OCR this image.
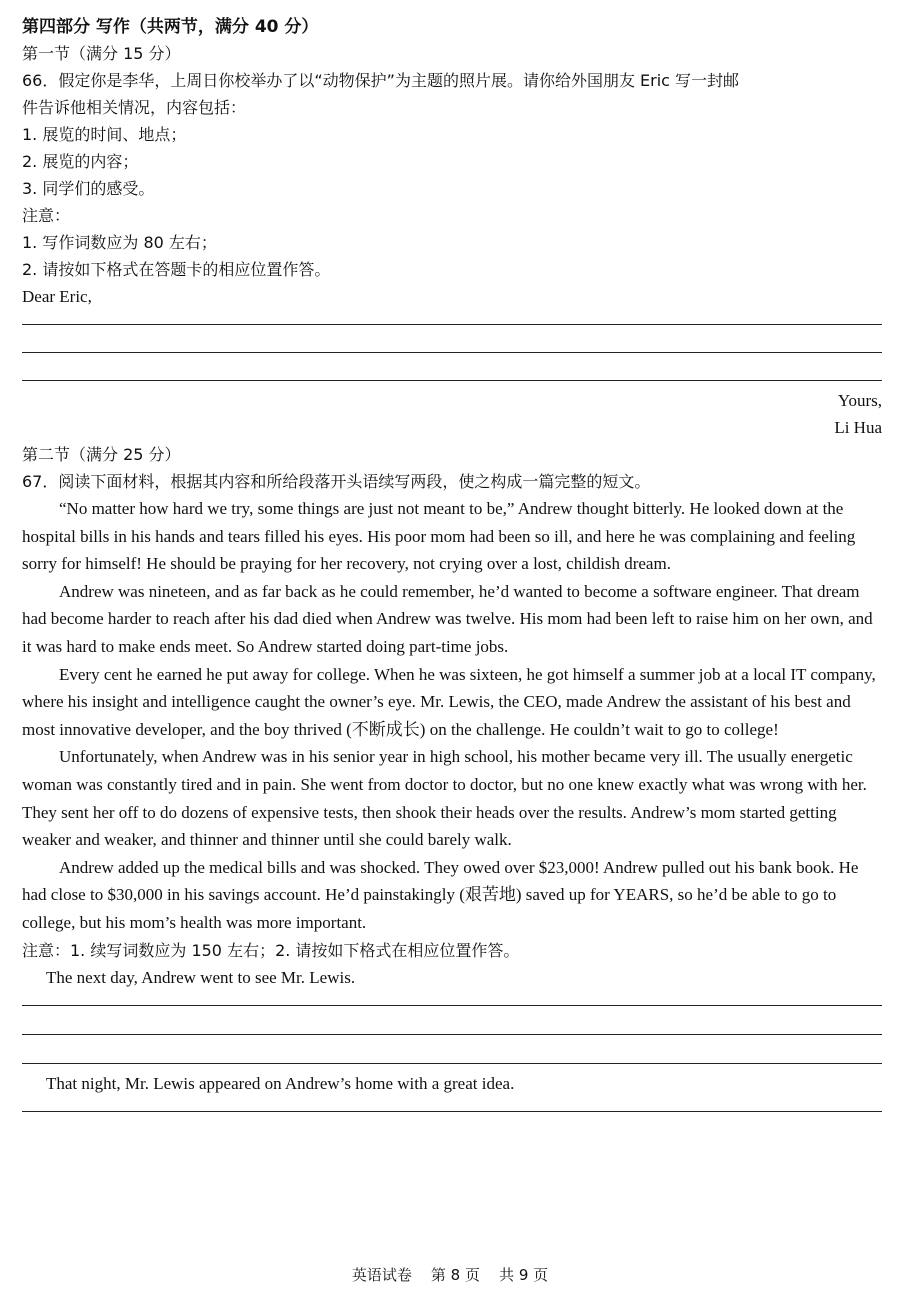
第四部分 写作（共两节，满分 40 分）
第一节（满分 15 分）
66．假定你是李华，上周日你校举办了以“动物保护”为主题的照片展。请你给外国朋友 Eric 写一封邮
件告诉他相关情况，内容包括：
1. 展览的时间、地点；
2. 展览的内容；
3. 同学们的感受。
注意：
1. 写作词数应为 80 左右；
2. 请按如下格式在答题卡的相应位置作答。
Dear Eric,
Yours,
Li Hua
第二节（满分 25 分）
67．阅读下面材料，根据其内容和所给段落开头语续写两段，使之构成一篇完整的短文。

“No matter how hard we try, some things are just not meant to be,” Andrew thought bitterly. He looked down at the hospital bills in his hands and tears filled his eyes. His poor mom had been so ill, and here he was complaining and feeling sorry for himself! He should be praying for her recovery, not crying over a lost, childish dream.

Andrew was nineteen, and as far back as he could remember, he’d wanted to become a software engineer. That dream had become harder to reach after his dad died when Andrew was twelve. His mom had been left to raise him on her own, and it was hard to make ends meet. So Andrew started doing part-time jobs.

Every cent he earned he put away for college. When he was sixteen, he got himself a summer job at a local IT company, where his insight and intelligence caught the owner’s eye. Mr. Lewis, the CEO, made Andrew the assistant of his best and most innovative developer, and the boy thrived (不断成长) on the challenge. He couldn’t wait to go to college!

Unfortunately, when Andrew was in his senior year in high school, his mother became very ill. The usually energetic woman was constantly tired and in pain. She went from doctor to doctor, but no one knew exactly what was wrong with her. They sent her off to do dozens of expensive tests, then shook their heads over the results. Andrew’s mom started getting weaker and weaker, and thinner and thinner until she could barely walk.

Andrew added up the medical bills and was shocked. They owed over $23,000! Andrew pulled out his bank book. He had close to $30,000 in his savings account. He’d painstakingly (艰苦地) saved up for YEARS, so he’d be able to go to college, but his mom’s health was more important.

注意：1. 续写词数应为 150 左右；2. 请按如下格式在相应位置作答。
The next day, Andrew went to see Mr. Lewis.
That night, Mr. Lewis appeared on Andrew’s home with a great idea.
英语试卷    第 8 页    共 9 页
